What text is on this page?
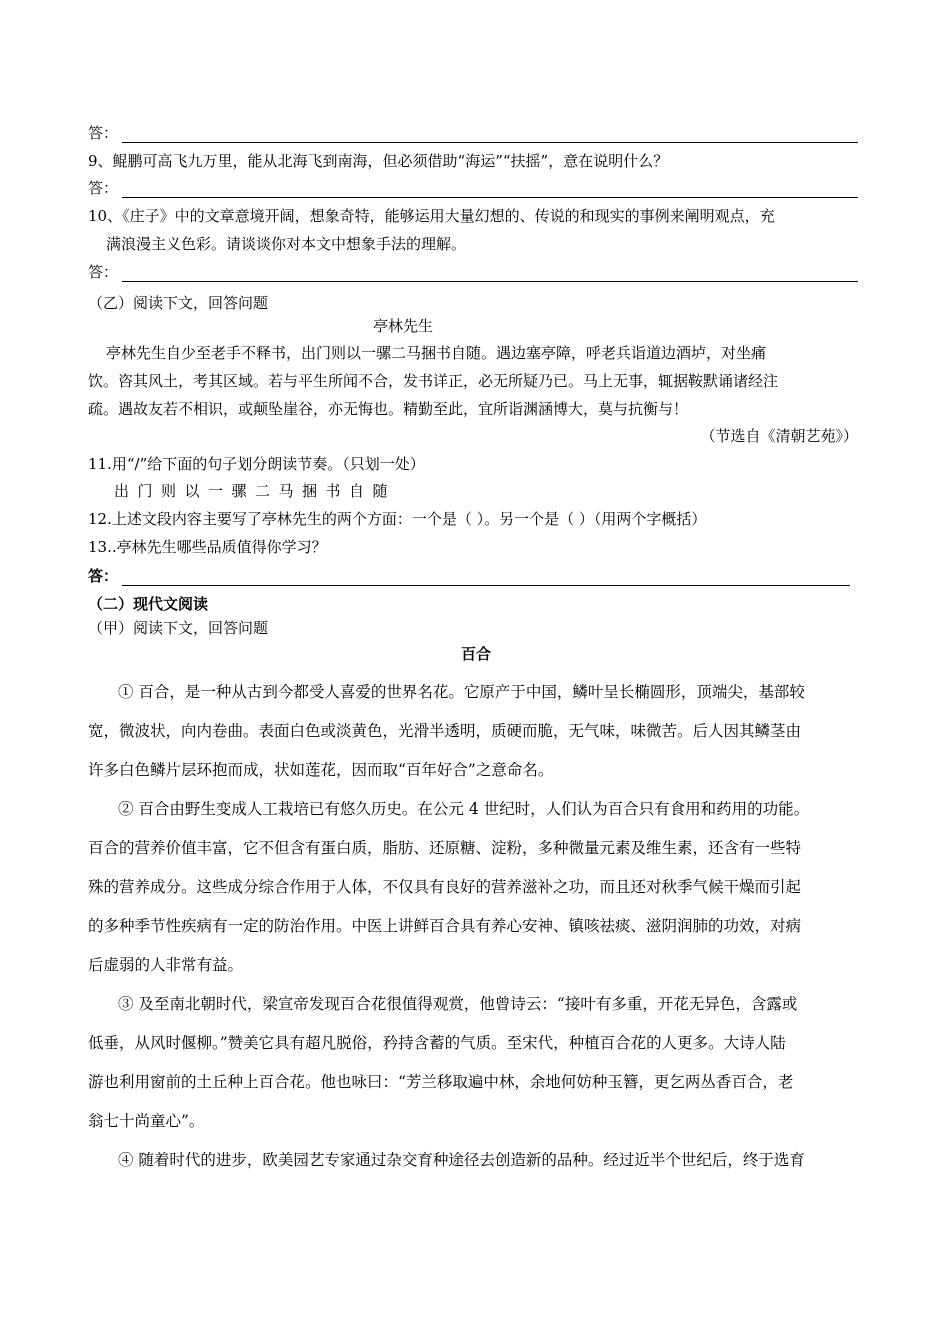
答：
9、鲲鹏可高飞九万里，能从北海飞到南海，但必须借助“海运”“扶摇”，意在说明什么？
答：
10、《庄子》中的文章意境开阔，想象奇特，能够运用大量幻想的、传说的和现实的事例来阐明观点，充
满浪漫主义色彩。请谈谈你对本文中想象手法的理解。
答：
（乙）阅读下文，回答问题
亭林先生
亭林先生自少至老手不释书，出门则以一骡二马捆书自随。遇边塞亭障，呼老兵诣道边酒垆，对坐痛
饮。咨其风土，考其区域。若与平生所闻不合，发书详正，必无所疑乃已。马上无事，辄据鞍默诵诸经注
疏。遇故友若不相识，或颠坠崖谷，亦无悔也。精勤至此，宜所诣渊涵博大，莫与抗衡与！
（节选自《清朝艺苑》）
11.用“/”给下面的句子划分朗读节奏。（只划一处）
出门则以一骡二马捆书自随
12.上述文段内容主要写了亭林先生的两个方面：一个是（ ）。另一个是（ ）（用两个字概括）
13..亭林先生哪些品质值得你学习？
答：
（二）现代文阅读
（甲）阅读下文，回答问题
百合
① 百合，是一种从古到今都受人喜爱的世界名花。它原产于中国，鳞叶呈长椭圆形，顶端尖，基部较
宽，微波状，向内卷曲。表面白色或淡黄色，光滑半透明，质硬而脆，无气味，味微苦。后人因其鳞茎由
许多白色鳞片层环抱而成，状如莲花，因而取“百年好合”之意命名。
② 百合由野生变成人工栽培已有悠久历史。在公元 4 世纪时，人们认为百合只有食用和药用的功能。
百合的营养价值丰富，它不但含有蛋白质，脂肪、还原糖、淀粉，多种微量元素及维生素，还含有一些特
殊的营养成分。这些成分综合作用于人体，不仅具有良好的营养滋补之功，而且还对秋季气候干燥而引起
的多种季节性疾病有一定的防治作用。中医上讲鲜百合具有养心安神、镇咳祛痰、滋阴润肺的功效，对病
后虚弱的人非常有益。
③ 及至南北朝时代，梁宣帝发现百合花很值得观赏，他曾诗云：“接叶有多重，开花无异色，含露或
低垂，从风时偃柳。”赞美它具有超凡脱俗，矜持含蓄的气质。至宋代，种植百合花的人更多。大诗人陆
游也利用窗前的土丘种上百合花。他也咏曰：“芳兰移取遍中林，余地何妨种玉簪，更乞两丛香百合，老
翁七十尚童心”。
④ 随着时代的进步，欧美园艺专家通过杂交育种途径去创造新的品种。经过近半个世纪后，终于选育
